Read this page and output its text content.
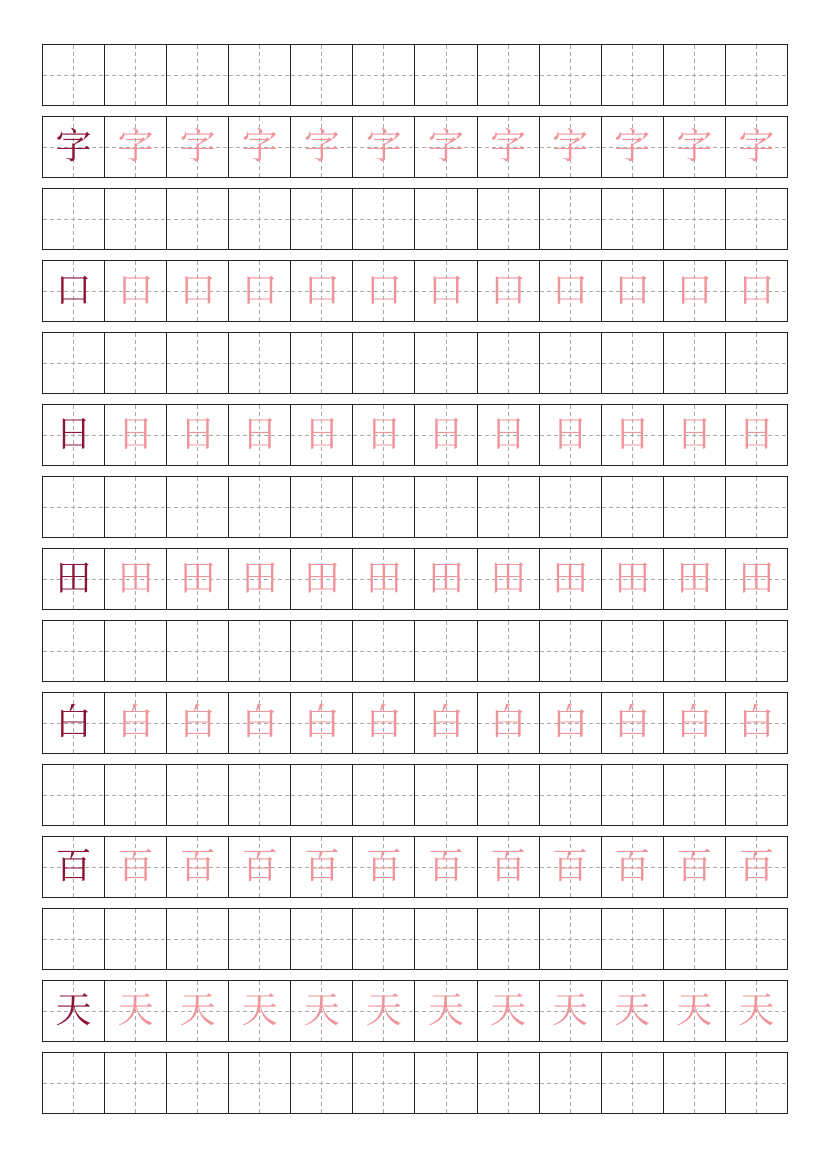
字 字 字 字 字 字 字 字 字 字 字 字
口 口 口 口 口 口 口 口 口 口 口 口
日 日 日 日 日 日 日 日 日 日 日 日
田 田 田 田 田 田 田 田 田 田 田 田
白 白 白 白 白 白 白 白 白 白 白 白
百 百 百 百 百 百 百 百 百 百 百 百
天 天 天 天 天 天 天 天 天 天 天 天
